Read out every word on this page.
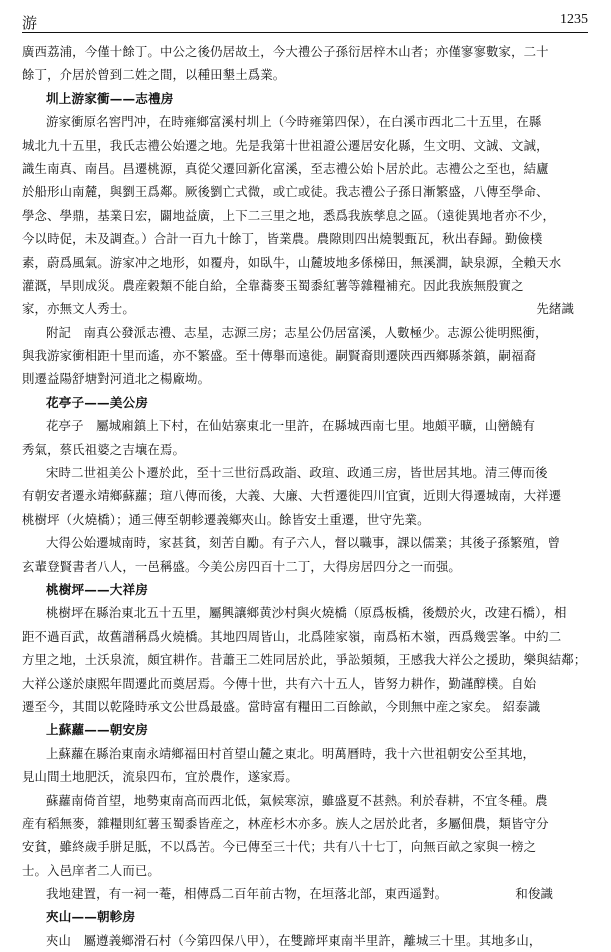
游	1235
廣西荔浦，今僅十餘丁。中公之後仍居故土，今大禮公子孫衍居梓木山者；亦僅寥寥數家，二十
餘丁，介居於曾到二姓之間，以種田墾土爲業。
圳上游家衝——志禮房
游家衝原名窖門冲，在時雍鄉富溪村圳上（今時雍第四保），在白溪市西北二十五里，在縣
城北九十五里，我氏志禮公始遷之地。先是我第十世祖證公遷居安化縣，生文明、文誠、文誠，
識生南真、南昌。昌遷桃源，真從父遷回新化富溪，至志禮公始卜居於此。志禮公之至也，結廬
於船形山南麓，與劉王爲鄰。厥後劉亡式微，或亡或徒。我志禮公子孫日漸繁盛，八傳至學命、
學念、學鼎，基業日宏，闢地益廣，上下二三里之地，悉爲我族孳息之區。（遠徙異地者亦不少，
今以時促，未及調查。）合計一百九十餘丁，皆業農。農隙則四出燒製甄瓦，秋出春歸。勤儉樸
素，蔚爲風氣。游家冲之地形，如覆舟，如臥牛，山麓坡地多係梯田，無溪澗，缺泉源，全賴天水
灌溉，旱則成災。農産穀類不能自給，全靠蕎麥玉蜀黍紅薯等雜糧補充。因此我族無殷實之
家，亦無文人秀士。	先緒識
附記　南真公發派志禮、志星，志源三房；志星公仍居富溪，人數極少。志源公徙明熙衝，
與我游家衝相距十里而遙，亦不繁盛。至十傳舉而遠徙。嗣賢裔則遷陝西西鄉縣茶鎮，嗣福裔
則遷益陽舒塘對河逍北之楊廠坳。
花亭子——美公房
花亭子　屬城廂鎮上下村，在仙姑寨東北一里許，在縣城西南七里。地頗平曠，山巒饒有
秀氣，蔡氏祖婆之吉壤在焉。
宋時二世祖美公卜遷於此，至十三世衍爲政詣、政瑄、政通三房，皆世居其地。清三傳而後
有朝安者遷永靖鄉蘇蘿；瑄八傳而後，大義、大廉、大哲遷徙四川宜賓，近則大得遷城南，大祥遷
桃樹坪（火燒橋）；通三傳至朝軫遷義鄉夾山。餘皆安土重遷，世守先業。
大得公始遷城南時，家甚貧，刻苦自勵。有子六人，督以職事，課以儒業；其後子孫繁殖，曾
玄輩登賢書者八人，一邑稱盛。今美公房四百十二丁，大得房居四分之一而强。
桃樹坪——大祥房
桃樹坪在縣治東北五十五里，屬興讓鄉黄沙村與火燒橋（原爲板橋，後燬於火，改建石橋），相
距不過百武，故舊譜稱爲火燒橋。其地四周皆山，北爲陸家嶺，南爲柘木嶺，西爲幾雲峯。中約二
方里之地，土沃泉流，頗宜耕作。昔蕭王二姓同居於此，爭訟頻頻，王感我大祥公之援助，樂與結鄰；
大祥公遂於康熙年間遷此而奠居焉。今傳十世，共有六十五人，皆努力耕作，勤謹醇樸。自始
遷至今，其間以乾隆時承文公世爲最盛。當時富有糧田二百餘畝，今則無中産之家矣。 紹泰識
上蘇蘿——朝安房
上蘇蘿在縣治東南永靖鄉福田村首望山麓之東北。明萬曆時，我十六世祖朝安公至其地，
見山間土地肥沃，流泉四布，宜於農作，遂家焉。
蘇蘿南倚首望，地勢東南高而西北低，氣候寒涼，雖盛夏不甚熱。利於春耕，不宜冬種。農
産有稻無麥，雜糧則紅薯玉蜀黍皆産之，林産杉木亦多。族人之居於此者，多屬佃農，類皆守分
安貧，雖終歲手胼足胝，不以爲苦。今已傳至三十代；共有八十七丁，向無百畝之家與一榜之
士。入邑庠者二人而已。
我地建置，有一祠一菴，相傳爲二百年前古物，在垣落北部，東西遥對。	和俊識
夾山——朝軫房
夾山　屬遵義鄉滑石村（今第四保八甲），在雙蹄坪東南半里許，離城三十里。其地多山，
